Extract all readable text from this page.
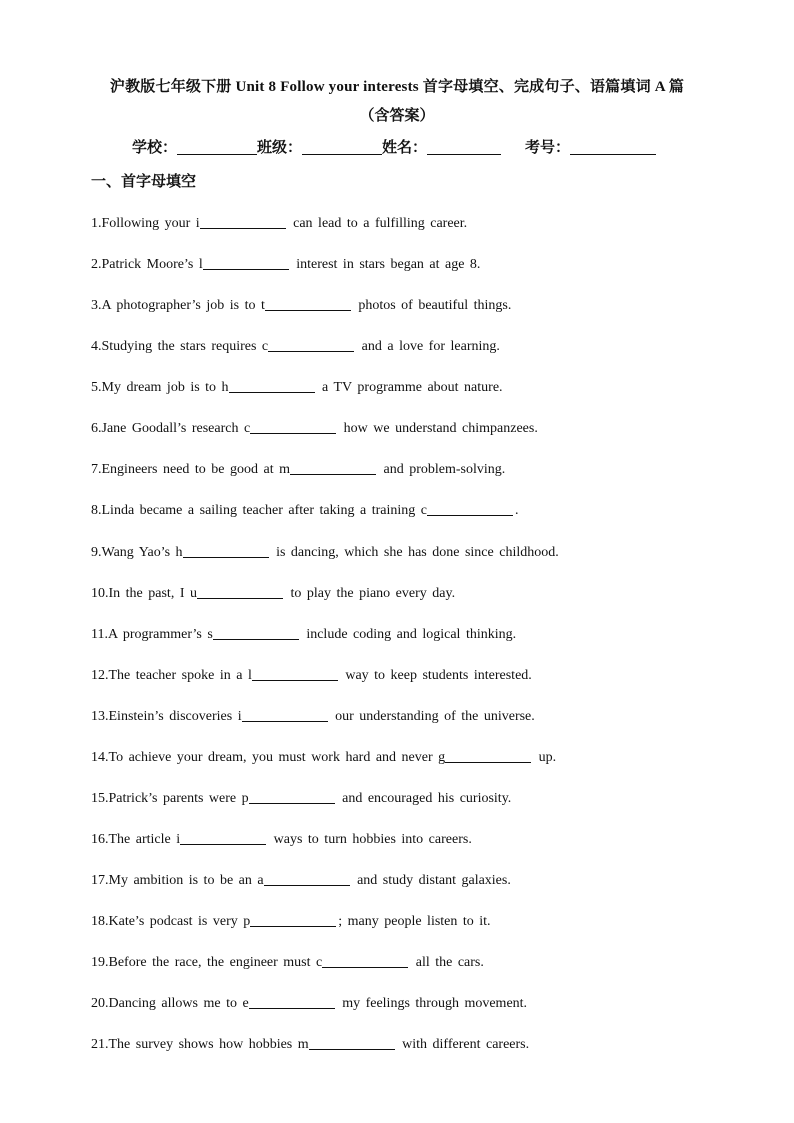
沪教版七年级下册 Unit 8 Follow your interests 首字母填空、完成句子、语篇填词 A 篇
（含答案）
学校：	班级：	姓名：	考号：
一、首字母填空
1.Following your i	can lead to a fulfilling career.
2.Patrick Moore’s l	interest in stars began at age 8.
3.A photographer’s job is to t	photos of beautiful things.
4.Studying the stars requires c	and a love for learning.
5.My dream job is to h	a TV programme about nature.
6.Jane Goodall’s research c	how we understand chimpanzees.
7.Engineers need to be good at m	and problem-solving.
8.Linda became a sailing teacher after taking a training c	.
9.Wang Yao’s h	is dancing, which she has done since childhood.
10.In the past, I u	to play the piano every day.
11.A programmer’s s	include coding and logical thinking.
12.The teacher spoke in a l	way to keep students interested.
13.Einstein’s discoveries i	our understanding of the universe.
14.To achieve your dream, you must work hard and never g	up.
15.Patrick’s parents were p	and encouraged his curiosity.
16.The article i	ways to turn hobbies into careers.
17.My ambition is to be an a	and study distant galaxies.
18.Kate’s podcast is very p	; many people listen to it.
19.Before the race, the engineer must c	all the cars.
20.Dancing allows me to e	my feelings through movement.
21.The survey shows how hobbies m	with different careers.
